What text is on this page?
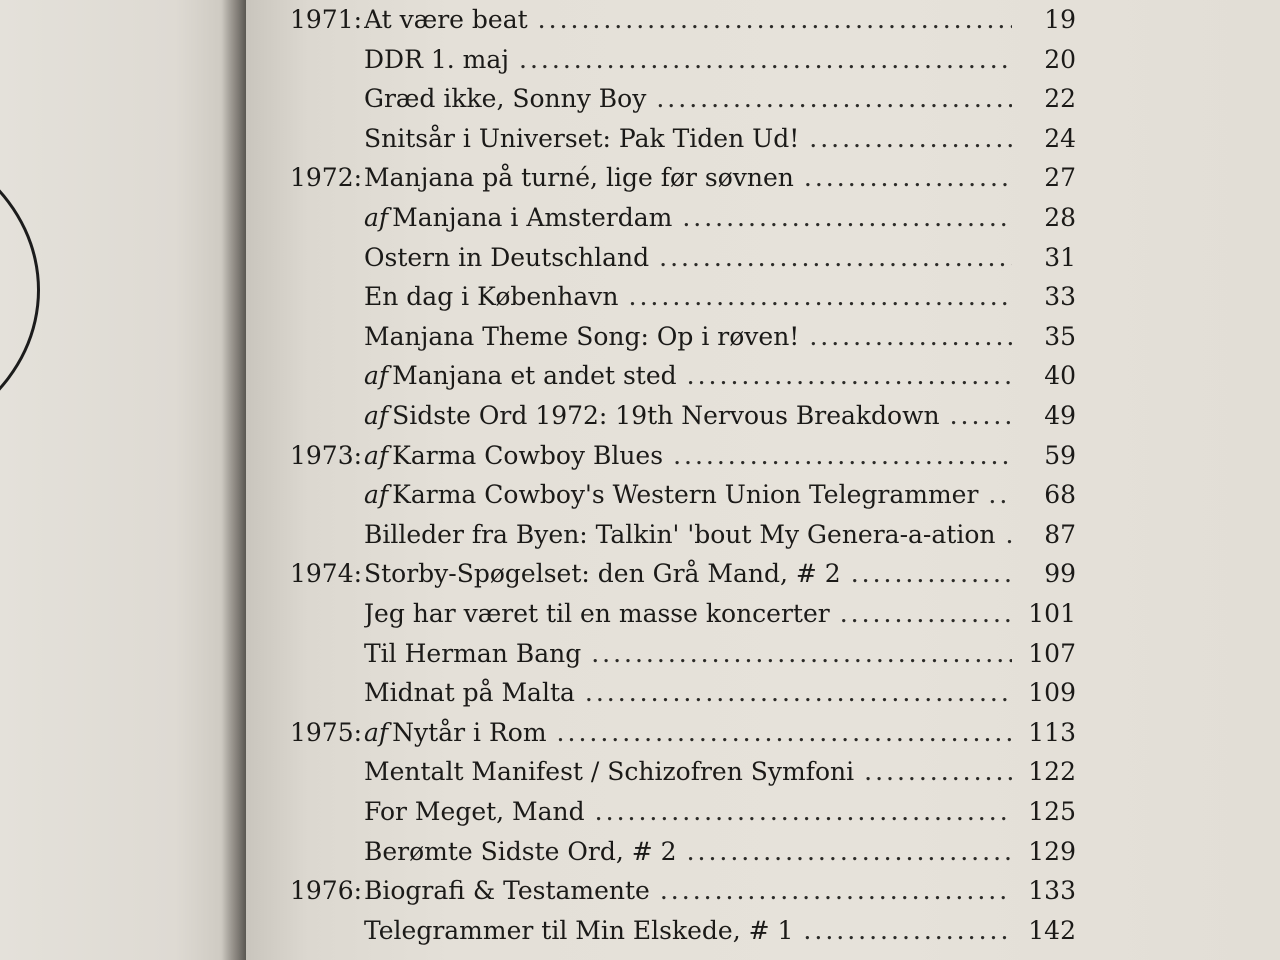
1971: At være beat .....	19
DDR 1. maj .....	20
Græd ikke, Sonny Boy .....	22
Snitsår i Universet: Pak Tiden Ud! .....	24
1972: Manjana på turné, lige før søvnen .....	27
af Manjana i Amsterdam .....	28
Ostern in Deutschland .....	31
En dag i København .....	33
Manjana Theme Song: Op i røven! .....	35
af Manjana et andet sted .....	40
af Sidste Ord 1972: 19th Nervous Breakdown .....	49
1973: af Karma Cowboy Blues .....	59
af Karma Cowboy's Western Union Telegrammer .....	68
Billeder fra Byen: Talkin' 'bout My Genera-a-ation .....	87
1974: Storby-Spøgelset: den Grå Mand, # 2 .....	99
Jeg har været til en masse koncerter .....	101
Til Herman Bang .....	107
Midnat på Malta .....	109
1975: af Nytår i Rom .....	113
Mentalt Manifest / Schizofren Symfoni .....	122
For Meget, Mand .....	125
Berømte Sidste Ord, # 2 .....	129
1976: Biografi & Testamente .....	133
Telegrammer til Min Elskede, # 1 .....	142
